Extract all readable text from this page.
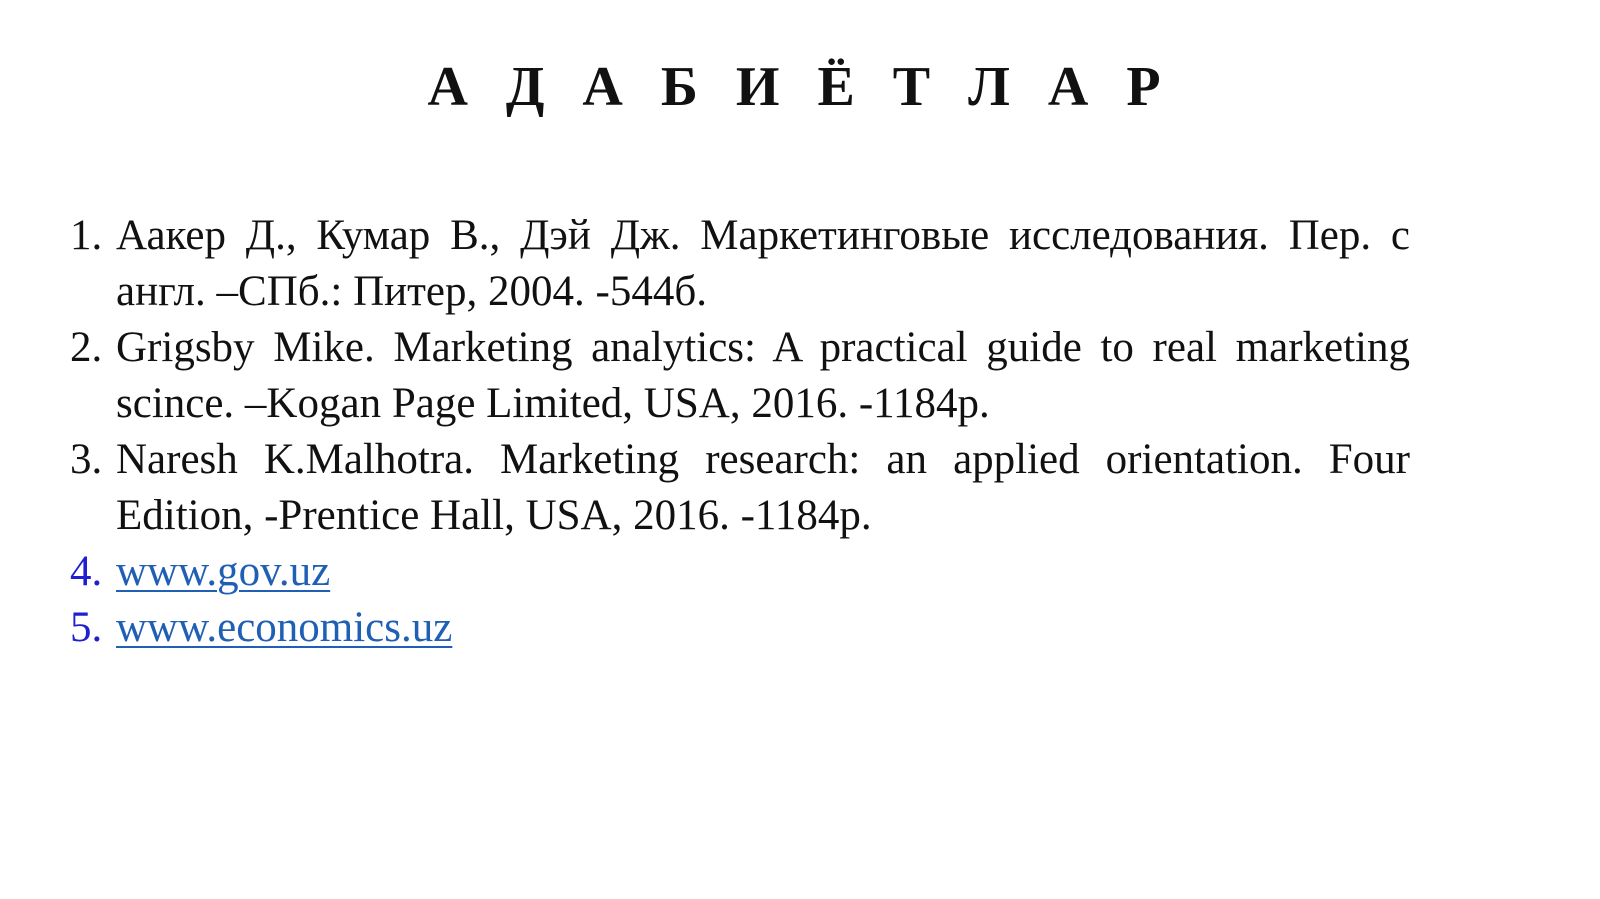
А Д А Б И Ё Т Л А Р
1. Аакер Д., Кумар В., Дэй Дж. Маркетинговые исследования. Пер. с англ. –СПб.: Питер, 2004. -544б.
2. Grigsby Mike. Marketing analytics: A practical guide to real marketing scince. –Kogan Page Limited, USA, 2016. -1184p.
3. Naresh K.Malhotra. Marketing research: an applied orientation. Four Edition, -Prentice Hall, USA, 2016. -1184p.
4. www.gov.uz
5. www.economics.uz
